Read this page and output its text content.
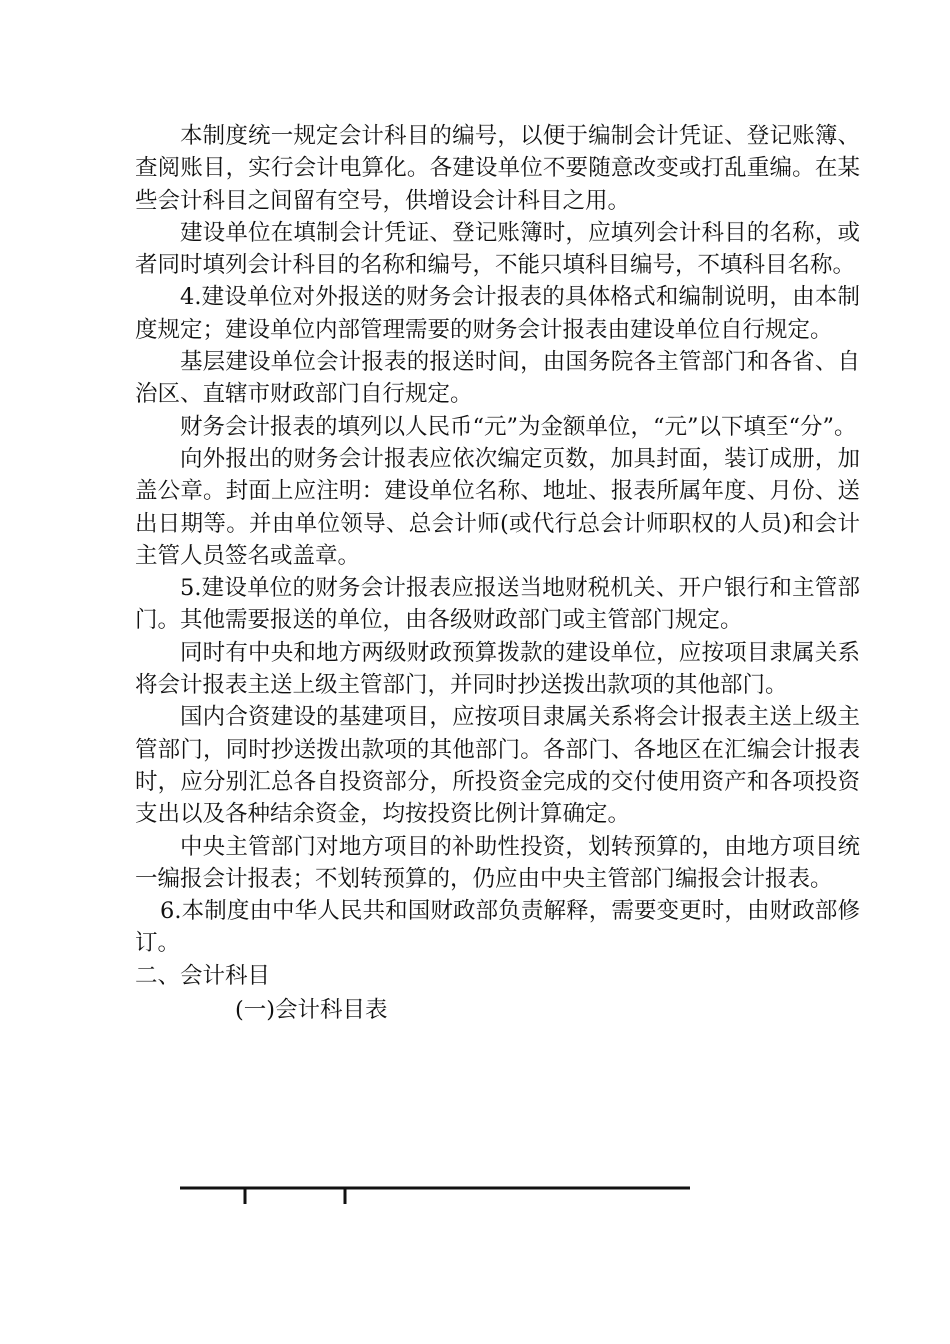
本制度统一规定会计科目的编号，以便于编制会计凭证、登记账簿、查阅账目，实行会计电算化。各建设单位不要随意改变或打乱重编。在某些会计科目之间留有空号，供增设会计科目之用。

建设单位在填制会计凭证、登记账簿时，应填列会计科目的名称，或者同时填列会计科目的名称和编号，不能只填科目编号，不填科目名称。

4.建设单位对外报送的财务会计报表的具体格式和编制说明，由本制度规定；建设单位内部管理需要的财务会计报表由建设单位自行规定。

基层建设单位会计报表的报送时间，由国务院各主管部门和各省、自治区、直辖市财政部门自行规定。

财务会计报表的填列以人民币“元”为金额单位，“元”以下填至“分”。

向外报出的财务会计报表应依次编定页数，加具封面，装订成册，加盖公章。封面上应注明：建设单位名称、地址、报表所属年度、月份、送出日期等。并由单位领导、总会计师(或代行总会计师职权的人员)和会计主管人员签名或盖章。

5.建设单位的财务会计报表应报送当地财税机关、开户银行和主管部门。其他需要报送的单位，由各级财政部门或主管部门规定。

同时有中央和地方两级财政预算拨款的建设单位，应按项目隶属关系将会计报表主送上级主管部门，并同时抄送拨出款项的其他部门。

国内合资建设的基建项目，应按项目隶属关系将会计报表主送上级主管部门，同时抄送拨出款项的其他部门。各部门、各地区在汇编会计报表时，应分别汇总各自投资部分，所投资金完成的交付使用资产和各项投资支出以及各种结余资金，均按投资比例计算确定。

中央主管部门对地方项目的补助性投资，划转预算的，由地方项目统一编报会计报表；不划转预算的，仍应由中央主管部门编报会计报表。

6.本制度由中华人民共和国财政部负责解释，需要变更时，由财政部修订。

二、会计科目

(一)会计科目表
